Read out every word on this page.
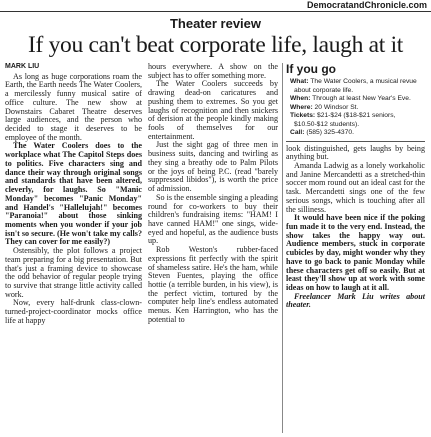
DemocratandChronicle.com
Theater review
If you can't beat corporate life, laugh at it

MARK LIU

As long as huge corporations roam the Earth, the Earth needs The Water Coolers, a mercilessly funny musical satire of office culture. The new show at Downstairs Cabaret Theatre deserves large audiences, and the person who decided to stage it deserves to be employee of the month.

The Water Coolers does to the workplace what The Capitol Steps does to politics. Five characters sing and dance their way through original songs and standards that have been altered, cleverly, for laughs. So "Manic Monday" becomes "Panic Monday" and Handel's "Hallelujah!" becomes "Paranoia!" about those sinking moments when you wonder if your job isn't so secure. (He won't take my calls? They can cover for me easily?)

Ostensibly, the plot follows a project team preparing for a big presentation. But that's just a framing device to showcase the odd behavior of regular people trying to survive that strange little activity called work.

Now, every half-drunk class-clown-turned-project-coordinator mocks office life at happy

hours everywhere. A show on the subject has to offer something more.

The Water Coolers succeeds by drawing dead-on caricatures and pushing them to extremes. So you get laughs of recognition and then snickers of derision at the people kindly making fools of themselves for our entertainment.

Just the sight gag of three men in business suits, dancing and twirling as they sing a breathy ode to Palm Pilots or the joys of being P.C. (read "barely suppressed libidos"), is worth the price of admission.

So is the ensemble singing a pleading round for co-workers to buy their children's fundraising items: "HAM! I have canned HAM!" one sings, wide-eyed and hopeful, as the audience busts up.

Rob Weston's rubber-faced expressions fit perfectly with the spirit of shameless satire. He's the ham, while Steven Fuentes, playing the office hottie (a terrible burden, in his view), is the perfect victim, tortured by the computer help line's endless automated menus. Ken Harrington, who has the potential to

If you go
What: The Water Coolers, a musical revue about corporate life.
When: Through at least New Year's Eve.
Where: 20 Windsor St.
Tickets: $21-$24 ($18-$21 seniors, $10.50-$12 students).
Call: (585) 325-4370.

look distinguished, gets laughs by being anything but.

Amanda Ladwig as a lonely workaholic and Janine Mercandetti as a stretched-thin soccer mom round out an ideal cast for the task. Mercandetti sings one of the few serious songs, which is touching after all the silliness.

It would have been nice if the poking fun made it to the very end. Instead, the show takes the happy way out. Audience members, stuck in corporate cubicles by day, might wonder why they have to go back to panic Monday while these characters get off so easily. But at least they'll show up at work with some ideas on how to laugh at it all.

Freelancer Mark Liu writes about theater.
